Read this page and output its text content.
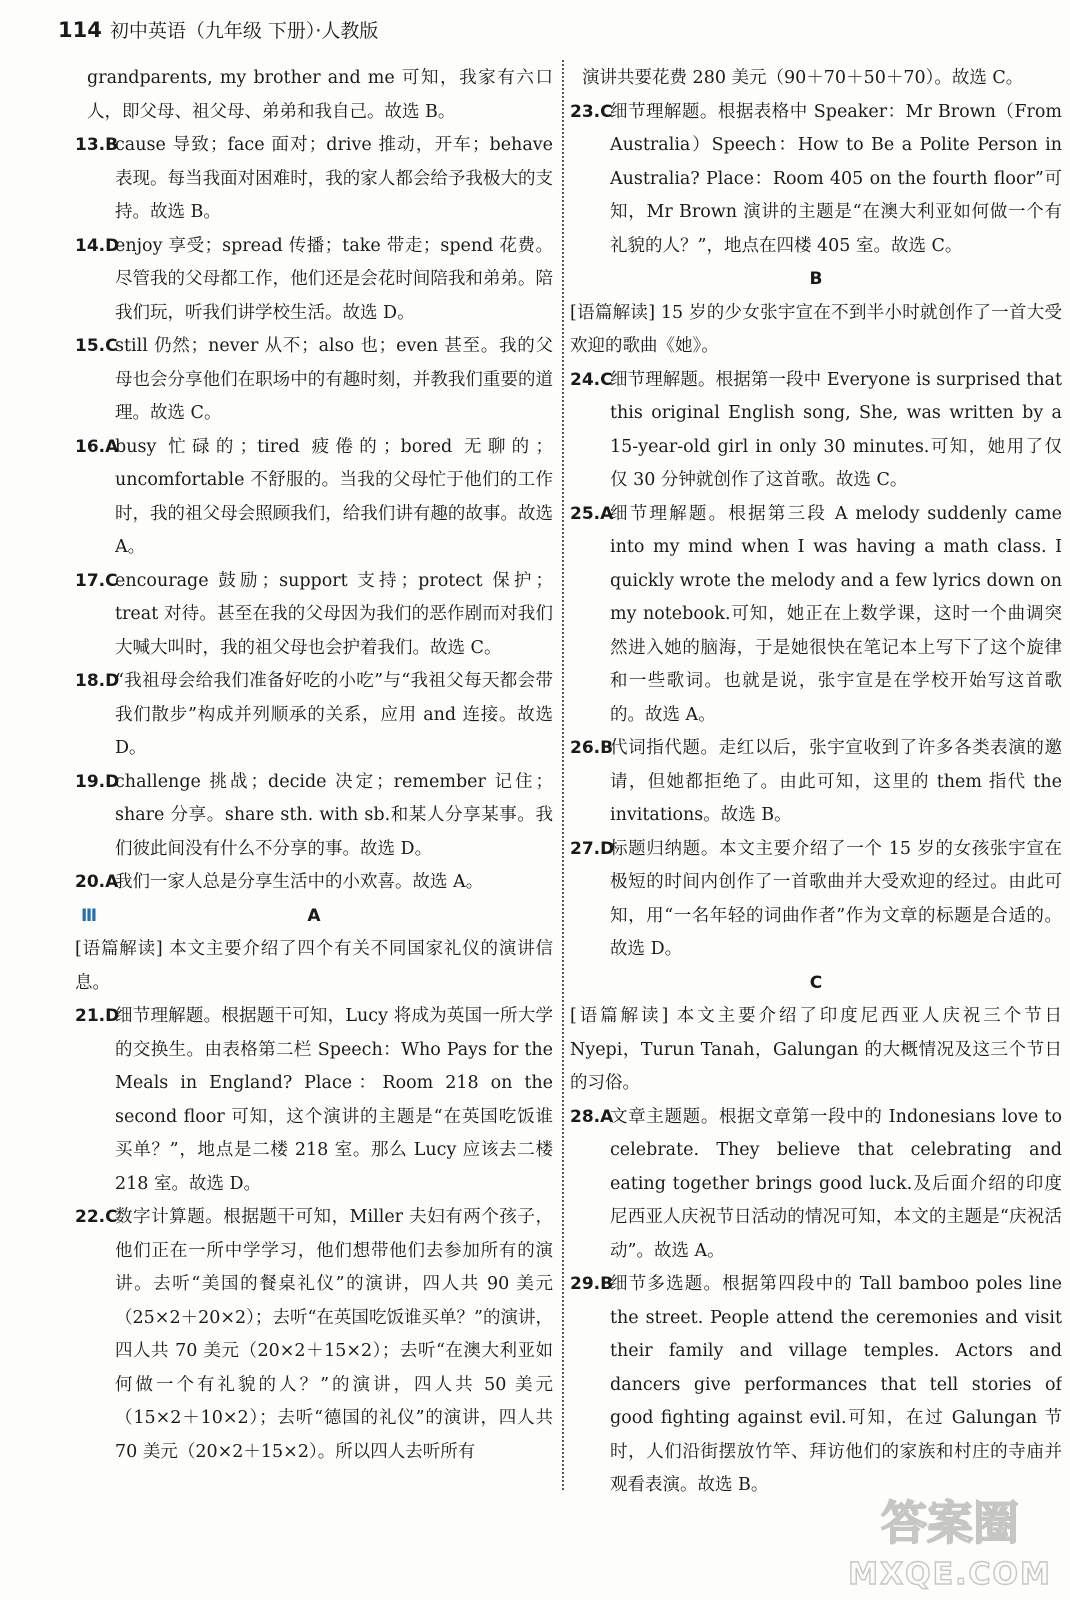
114 初中英语（九年级 下册）·人教版
grandparents, my brother and me 可知，我家有六口人，即父母、祖父母、弟弟和我自己。故选 B。
13.B
cause 导致；face 面对；drive 推动，开车；behave 表现。每当我面对困难时，我的家人都会给予我极大的支持。故选 B。
14.D
enjoy 享受；spread 传播；take 带走；spend 花费。尽管我的父母都工作，他们还是会花时间陪我和弟弟。陪我们玩，听我们讲学校生活。故选 D。
15.C
still 仍然；never 从不；also 也；even 甚至。我的父母也会分享他们在职场中的有趣时刻，并教我们重要的道理。故选 C。
16.A
busy 忙碌的；tired 疲倦的；bored 无聊的；uncomfortable 不舒服的。当我的父母忙于他们的工作时，我的祖父母会照顾我们，给我们讲有趣的故事。故选 A。
17.C
encourage 鼓励；support 支持；protect 保护；treat 对待。甚至在我的父母因为我们的恶作剧而对我们大喊大叫时，我的祖父母也会护着我们。故选 C。
18.D
“我祖母会给我们准备好吃的小吃”与“我祖父每天都会带我们散步”构成并列顺承的关系，应用 and 连接。故选 D。
19.D
challenge 挑战；decide 决定；remember 记住；share 分享。share sth. with sb.和某人分享某事。我们彼此间没有什么不分享的事。故选 D。
20.A
我们一家人总是分享生活中的小欢喜。故选 A。
Ⅲ	A
[语篇解读] 本文主要介绍了四个有关不同国家礼仪的演讲信息。
21.D
细节理解题。根据题干可知，Lucy 将成为英国一所大学的交换生。由表格第二栏 Speech：Who Pays for the Meals in England? Place：Room 218 on the second floor 可知，这个演讲的主题是“在英国吃饭谁买单？”，地点是二楼 218 室。那么 Lucy 应该去二楼 218 室。故选 D。
22.C
数字计算题。根据题干可知，Miller 夫妇有两个孩子，他们正在一所中学学习，他们想带他们去参加所有的演讲。去听“美国的餐桌礼仪”的演讲，四人共 90 美元（25×2＋20×2）；去听“在英国吃饭谁买单？”的演讲，四人共 70 美元（20×2＋15×2）；去听“在澳大利亚如何做一个有礼貌的人？”的演讲，四人共 50 美元（15×2＋10×2）；去听“德国的礼仪”的演讲，四人共 70 美元（20×2＋15×2）。所以四人去听所有
演讲共要花费 280 美元（90＋70＋50＋70）。故选 C。
23.C
细节理解题。根据表格中 Speaker：Mr Brown（From Australia）Speech：How to Be a Polite Person in Australia? Place：Room 405 on the fourth floor”可知，Mr Brown 演讲的主题是“在澳大利亚如何做一个有礼貌的人？”，地点在四楼 405 室。故选 C。
B
[语篇解读] 15 岁的少女张宇宣在不到半小时就创作了一首大受欢迎的歌曲《她》。
24.C
细节理解题。根据第一段中 Everyone is surprised that this original English song, She, was written by a 15-year-old girl in only 30 minutes.可知，她用了仅仅 30 分钟就创作了这首歌。故选 C。
25.A
细节理解题。根据第三段 A melody suddenly came into my mind when I was having a math class. I quickly wrote the melody and a few lyrics down on my notebook.可知，她正在上数学课，这时一个曲调突然进入她的脑海，于是她很快在笔记本上写下了这个旋律和一些歌词。也就是说，张宇宣是在学校开始写这首歌的。故选 A。
26.B
代词指代题。走红以后，张宇宣收到了许多各类表演的邀请，但她都拒绝了。由此可知，这里的 them 指代 the invitations。故选 B。
27.D
标题归纳题。本文主要介绍了一个 15 岁的女孩张宇宣在极短的时间内创作了一首歌曲并大受欢迎的经过。由此可知，用“一名年轻的词曲作者”作为文章的标题是合适的。故选 D。
C
[语篇解读] 本文主要介绍了印度尼西亚人庆祝三个节日 Nyepi，Turun Tanah，Galungan 的大概情况及这三个节日的习俗。
28.A
文章主题题。根据文章第一段中的 Indonesians love to celebrate. They believe that celebrating and eating together brings good luck.及后面介绍的印度尼西亚人庆祝节日活动的情况可知，本文的主题是“庆祝活动”。故选 A。
29.B
细节多选题。根据第四段中的 Tall bamboo poles line the street. People attend the ceremonies and visit their family and village temples. Actors and dancers give performances that tell stories of good fighting against evil.可知，在过 Galungan 节时，人们沿街摆放竹竿、拜访他们的家族和村庄的寺庙并观看表演。故选 B。
答案圈
MXQE.COM
